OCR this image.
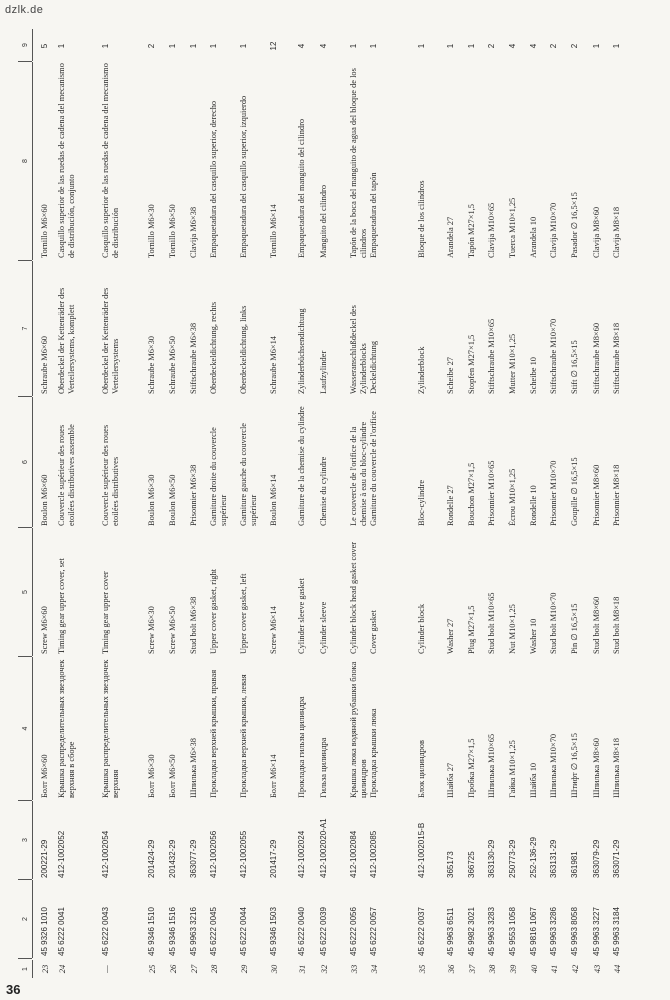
dzlk.de
36
1
2
3
4
5
6
7
8
9
23
45 9326 1010
200221-29
Болт M6×60
Screw M6×60
Boulon M6×60
Schraube M6×60
Tornillo M6×60
5
24
45 6222 0041
412-1002052
Крышка распределительных звездочек верхняя в сборе
Timing gear upper cover, set
Couvercle supérieur des roues etoilées distributives assemble
Oberdeckel der Kettenräder des Verteilersystems, komplett
Casquillo superior de las ruedas de cadena del mecanismo de distribución, conjunto
1
—
45 6222 0043
412-1002054
Крышка распределительных звездочек верхняя
Timing gear upper cover
Couvercle supérieur des roues etoilées distributives
Oberdeckel der Kettenräder des Verteilersystems
Casquillo superior de las ruedas de cadena del mecanismo de distribución
1
25
45 9346 1510
201424-29
Болт M6×30
Screw M6×30
Boulon M6×30
Schraube M6×30
Tornillo M6×30
2
26
45 9346 1516
201432-29
Болт M6×50
Screw M6×50
Boulon M6×50
Schraube M6×50
Tornillo M6×50
1
27
45 9963 3216
363077-29
Шпилька M6×38
Stud bolt M6×38
Prisonnier M6×38
Stiftschraube M6×38
Clavija M6×38
1
28
45 6222 0045
412-1002056
Прокладка верхней крышки, правая
Upper cover gasket, right
Garniture droite du couvercle supérieur
Oberdeckeldichtung, rechts
Empaquetadura del casquillo superior, derecho
1
29
45 6222 0044
412-1002055
Прокладка верхней крышки, левая
Upper cover gasket, left
Garniture gauche du couvercle supérieur
Oberdeckeldichtung, links
Empaquetadura del casquillo superior, izquierdo
1
30
45 9346 1503
201417-29
Болт M6×14
Screw M6×14
Boulon M6×14
Schraube M6×14
Tornillo M6×14
12
31
45 6222 0040
412-1002024
Прокладка гильзы цилиндра
Cylinder sleeve gasket
Garniture de la chemise du cylindre
Zylinderbüchsendichtung
Empaquetadura del manguito del cilindro
4
32
45 6222 0039
412-1002020-A1
Гильза цилиндра
Cylinder sleeve
Chemise du cylindre
Laufzylinder
Manguito del cilindro
4
33
45 6222 0056
412-1002084
Крышка люка водяной рубашки блока цилиндров
Cylinder block head gasket cover
Le couvercle de l'orifice de la chemise à eau du bloc-cylindre
Wasseranschlußdeckel des Zylinderblocks
Tapón de la boca del manguito de agua del bloque de los cilindros
1
34
45 6222 0057
412-1002085
Прокладка крышки люка
Cover gasket
Garniture du couvercle de l'orifice
Deckeldichtung
Empaquetadura del tapón
1
35
45 6222 0037
412-1002015-B
Блок цилиндров
Cylinder block
Bloc-cylindre
Zylinderblock
Bloque de los cilindros
1
36
45 9963 6511
365173
Шайба 27
Washer 27
Rondelle 27
Scheibe 27
Arandela 27
1
37
45 9982 3021
366725
Пробка M27×1,5
Plug M27×1,5
Bouchon M27×1,5
Stopfen M27×1,5
Tapón M27×1,5
1
38
45 9963 3283
363130-29
Шпилька M10×65
Stud bolt M10×65
Prisonnier M10×65
Stiftschraube M10×65
Clavija M10×65
2
39
45 9553 1058
250773-29
Гайка M10×1,25
Nut M10×1,25
Écrou M10×1,25
Mutter M10×1,25
Tuerca M10×1,25
4
40
45 9816 1067
252-136-29
Шайба 10
Washer 10
Rondelle 10
Scheibe 10
Arandela 10
4
41
45 9963 3286
363131-29
Шпилька M10×70
Stud bolt M10×70
Prisonnier M10×70
Stiftschraube M10×70
Clavija M10×70
2
42
45 9963 8058
361981
Штифт ∅ 16,5×15
Pin ∅ 16,5×15
Goupille ∅ 16,5×15
Stift ∅ 16,5×15
Pasador ∅ 16,5×15
2
43
45 9963 3227
363079-29
Шпилька M8×60
Stud bolt M8×60
Prisonnier M8×60
Stiftschraube M8×60
Clavija M8×60
1
44
45 9963 3184
363071-29
Шпилька M8×18
Stud bolt M8×18
Prisonnier M8×18
Stiftschraube M8×18
Clavija M8×18
1
